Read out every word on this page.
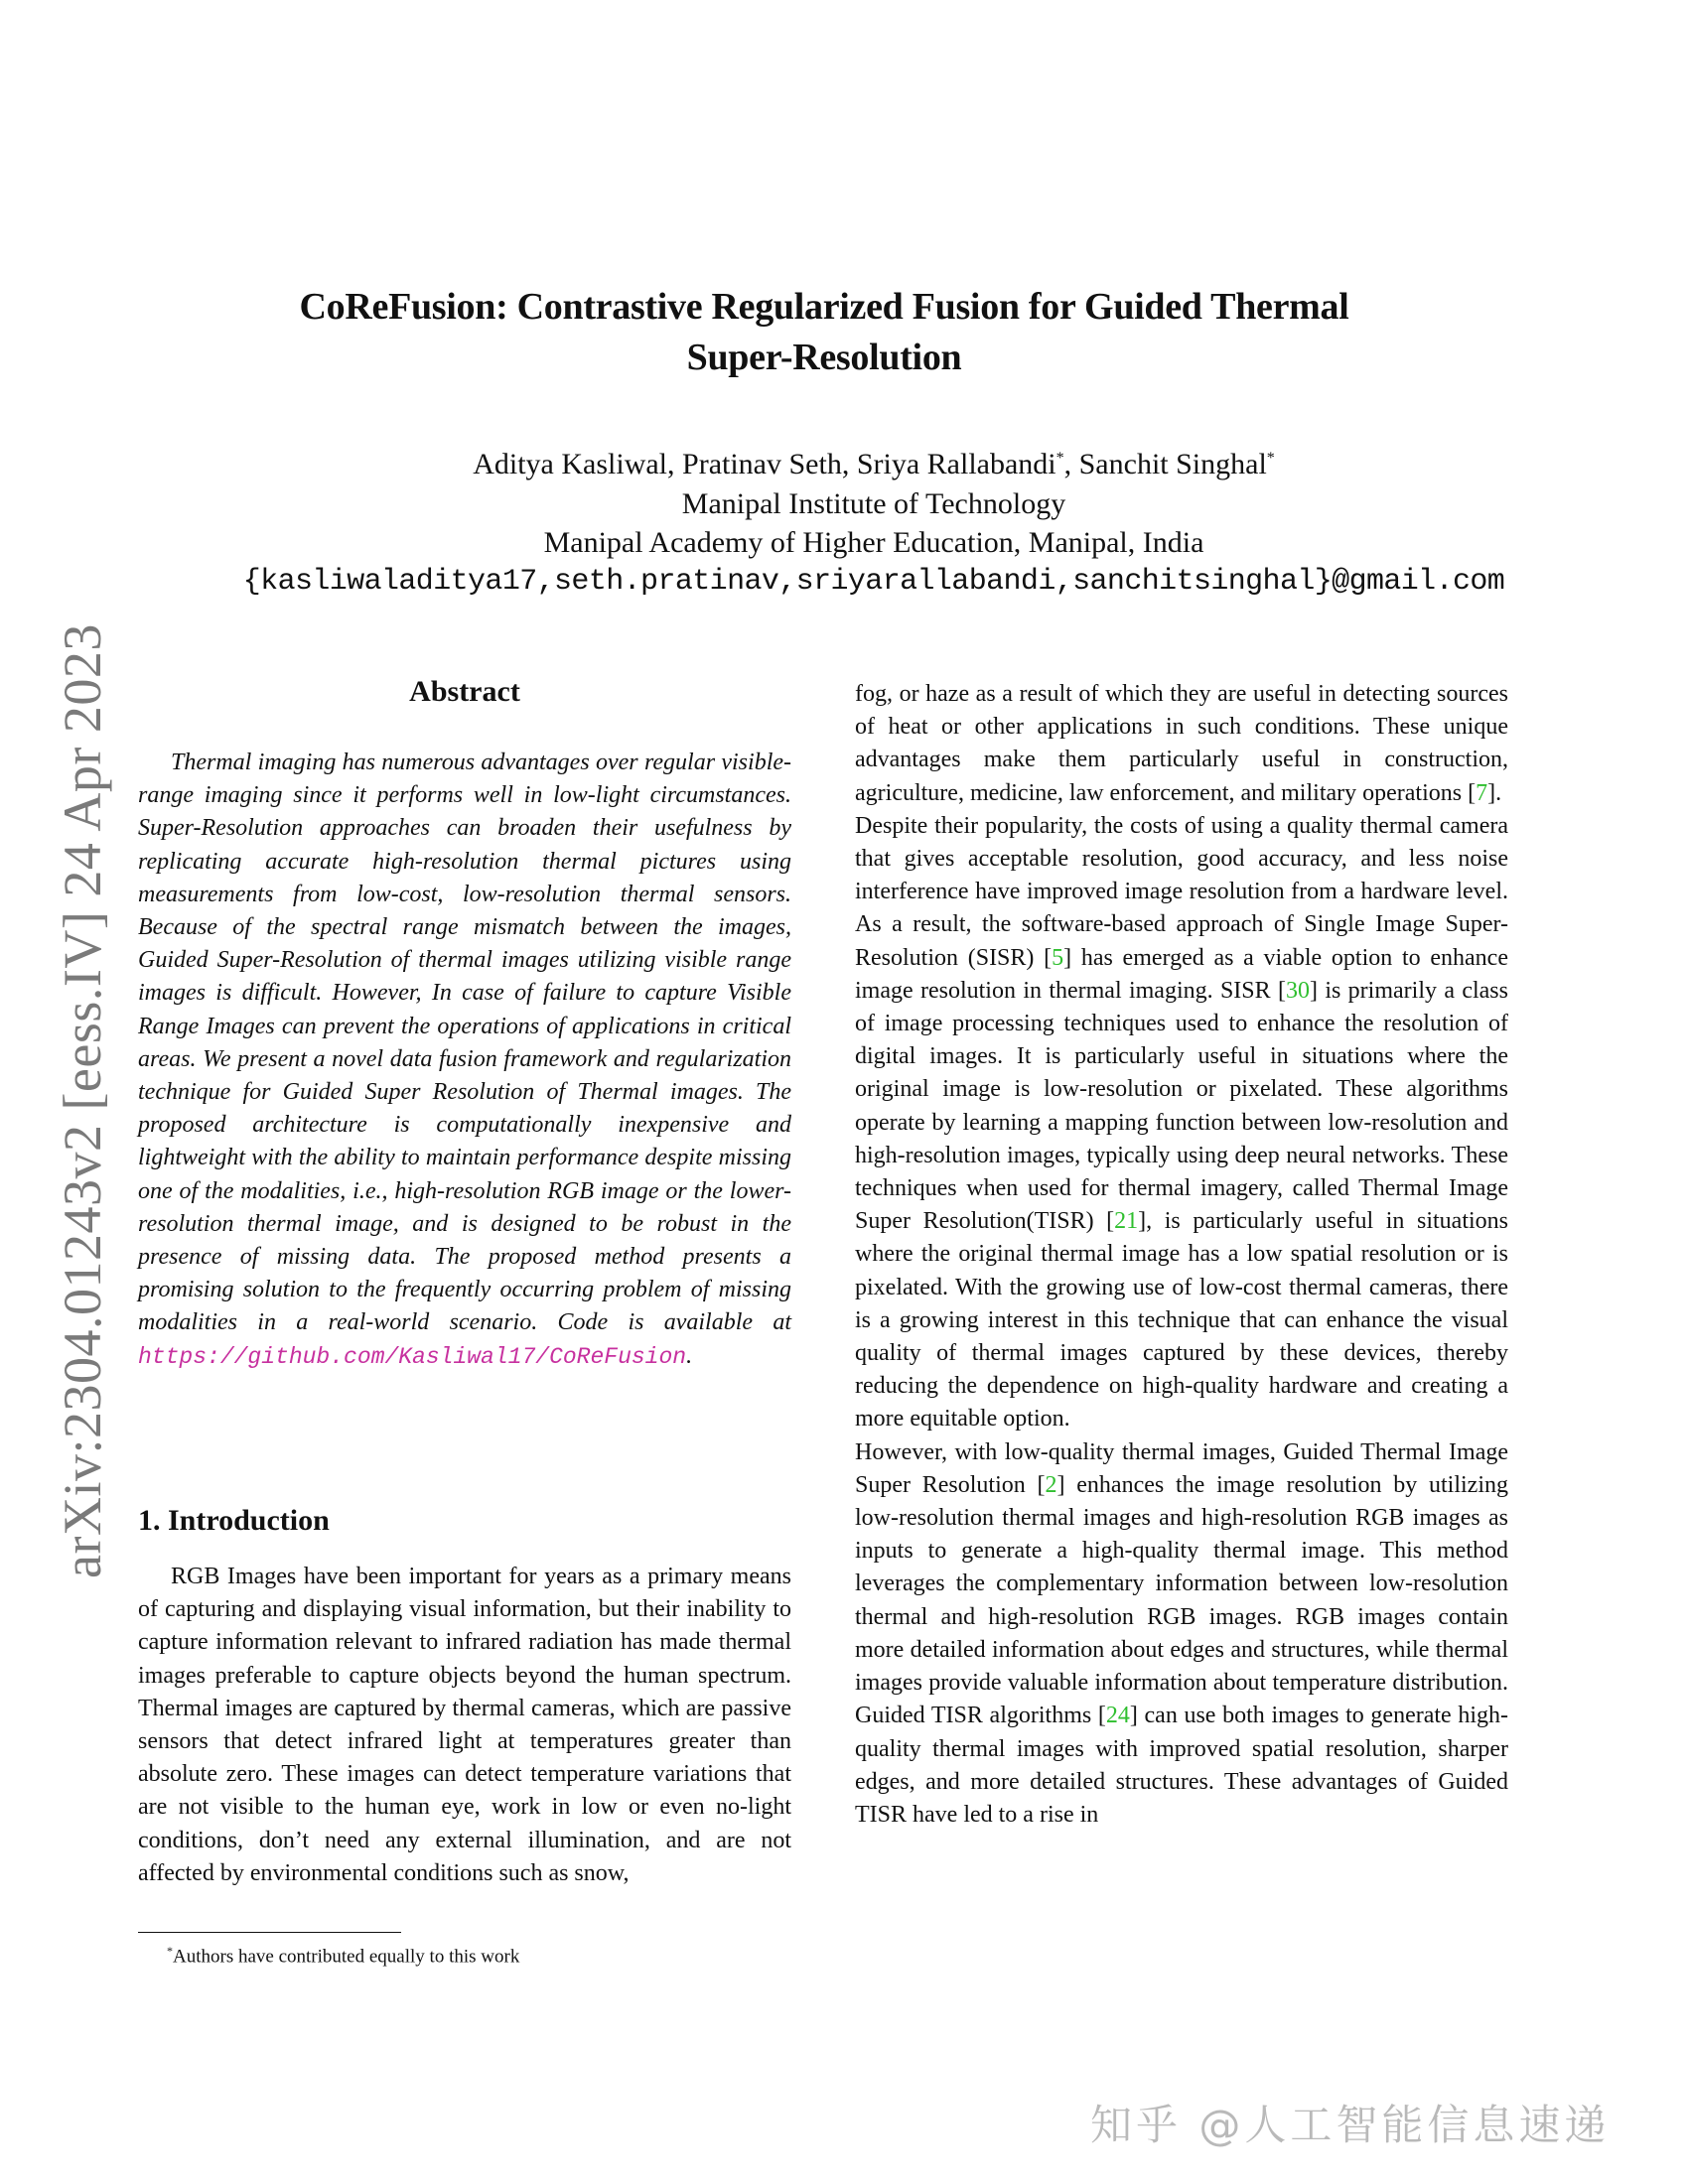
arXiv:2304.01243v2 [eess.IV] 24 Apr 2023
CoReFusion: Contrastive Regularized Fusion for Guided Thermal
Super-Resolution
Aditya Kasliwal, Pratinav Seth, Sriya Rallabandi*, Sanchit Singhal*
Manipal Institute of Technology
Manipal Academy of Higher Education, Manipal, India
{kasliwaladitya17,seth.pratinav,sriyarallabandi,sanchitsinghal}@gmail.com
Abstract
Thermal imaging has numerous advantages over regular visible-range imaging since it performs well in low-light circumstances. Super-Resolution approaches can broaden their usefulness by replicating accurate high-resolution thermal pictures using measurements from low-cost, low-resolution thermal sensors. Because of the spectral range mismatch between the images, Guided Super-Resolution of thermal images utilizing visible range images is difficult. However, In case of failure to capture Visible Range Images can prevent the operations of applications in critical areas. We present a novel data fusion framework and regularization technique for Guided Super Resolution of Thermal images. The proposed architecture is computationally inexpensive and lightweight with the ability to maintain performance despite missing one of the modalities, i.e., high-resolution RGB image or the lower-resolution thermal image, and is designed to be robust in the presence of missing data. The proposed method presents a promising solution to the frequently occurring problem of missing modalities in a real-world scenario. Code is available at https://github.com/Kasliwal17/CoReFusion.
1. Introduction
RGB Images have been important for years as a primary means of capturing and displaying visual information, but their inability to capture information relevant to infrared radiation has made thermal images preferable to capture objects beyond the human spectrum. Thermal images are captured by thermal cameras, which are passive sensors that detect infrared light at temperatures greater than absolute zero. These images can detect temperature variations that are not visible to the human eye, work in low or even no-light conditions, don’t need any external illumination, and are not affected by environmental conditions such as snow,
*Authors have contributed equally to this work

fog, or haze as a result of which they are useful in detecting sources of heat or other applications in such conditions. These unique advantages make them particularly useful in construction, agriculture, medicine, law enforcement, and military operations [7].

Despite their popularity, the costs of using a quality thermal camera that gives acceptable resolution, good accuracy, and less noise interference have improved image resolution from a hardware level. As a result, the software-based approach of Single Image Super-Resolution (SISR) [5] has emerged as a viable option to enhance image resolution in thermal imaging. SISR [30] is primarily a class of image processing techniques used to enhance the resolution of digital images. It is particularly useful in situations where the original image is low-resolution or pixelated. These algorithms operate by learning a mapping function between low-resolution and high-resolution images, typically using deep neural networks. These techniques when used for thermal imagery, called Thermal Image Super Resolution(TISR) [21], is particularly useful in situations where the original thermal image has a low spatial resolution or is pixelated. With the growing use of low-cost thermal cameras, there is a growing interest in this technique that can enhance the visual quality of thermal images captured by these devices, thereby reducing the dependence on high-quality hardware and creating a more equitable option.

However, with low-quality thermal images, Guided Thermal Image Super Resolution [2] enhances the image resolution by utilizing low-resolution thermal images and high-resolution RGB images as inputs to generate a high-quality thermal image. This method leverages the complementary information between low-resolution thermal and high-resolution RGB images. RGB images contain more detailed information about edges and structures, while thermal images provide valuable information about temperature distribution. Guided TISR algorithms [24] can use both images to generate high-quality thermal images with improved spatial resolution, sharper edges, and more detailed structures. These advantages of Guided TISR have led to a rise in

知乎 @人工智能信息速递
